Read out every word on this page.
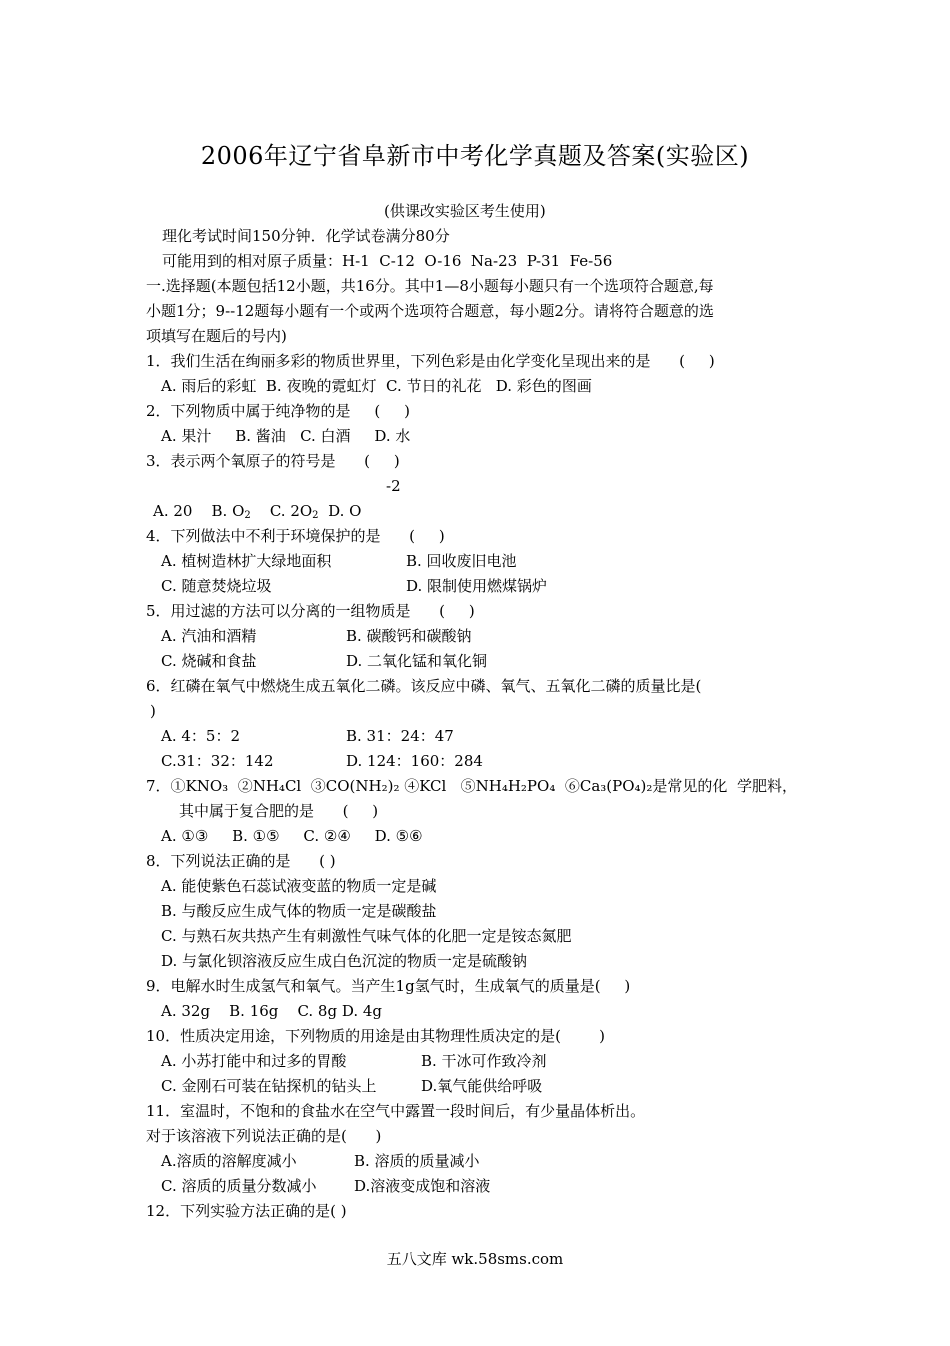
2006年辽宁省阜新市中考化学真题及答案(实验区)
(供课改实验区考生使用)
理化考试时间150分钟．化学试卷满分80分
可能用到的相对原子质量：H-1  C-12  O-16  Na-23  P-31  Fe-56
一.选择题(本题包括12小题，共16分。其中1—8小题每小题只有一个选项符合题意,每
小题1分；9--12题每小题有一个或两个选项符合题意，每小题2分。请将符合题意的选
项填写在题后的号内)
1．我们生活在绚丽多彩的物质世界里，下列色彩是由化学变化呈现出来的是      (     )
A. 雨后的彩虹  B. 夜晚的霓虹灯  C. 节日的礼花   D. 彩色的图画
2．下列物质中属于纯净物的是     (     )
A. 果汁     B. 酱油   C. 白酒     D. 水
3．表示两个氧原子的符号是      (     )
-2
A. 20    B. $O_2$    C. $2O_2$  D. O
4．下列做法中不利于环境保护的是      (     )
A. 植树造林扩大绿地面积	B. 回收废旧电池
C. 随意焚烧垃圾	D. 限制使用燃煤锅炉
5．用过滤的方法可以分离的一组物质是      (     )
A. 汽油和酒精	B. 碳酸钙和碳酸钠
C. 烧碱和食盐	D. 二氧化锰和氧化铜
6．红磷在氧气中燃烧生成五氧化二磷。该反应中磷、氧气、五氧化二磷的质量比是(
)
A. 4：5：2	B. 31：24：47
C.31：32：142	D. 124：160：284
7．①KNO₃  ②NH₄Cl  ③CO(NH₂)₂ ④KCl   ⑤NH₄H₂PO₄  ⑥Ca₃(PO₄)₂是常见的化  学肥料，
其中属于复合肥的是      (     )
A. ①③     B. ①⑤     C. ②④     D. ⑤⑥
8．下列说法正确的是      ( )
A. 能使紫色石蕊试液变蓝的物质一定是碱
B. 与酸反应生成气体的物质一定是碳酸盐
C. 与熟石灰共热产生有刺激性气味气体的化肥一定是铵态氮肥
D. 与氯化钡溶液反应生成白色沉淀的物质一定是硫酸钠
9．电解水时生成氢气和氧气。当产生1g氢气时，生成氧气的质量是(     )
A. 32g    B. 16g    C. 8g D. 4g
10．性质决定用途，下列物质的用途是由其物理性质决定的是(        )
A. 小苏打能中和过多的胃酸	B. 干冰可作致冷剂
C. 金刚石可装在钻探机的钻头上	D.氧气能供给呼吸
11．室温时，不饱和的食盐水在空气中露置一段时间后，有少量晶体析出。
对于该溶液下列说法正确的是(      )
A.溶质的溶解度减小	B. 溶质的质量减小
C. 溶质的质量分数减小	D.溶液变成饱和溶液
12．下列实验方法正确的是( )
五八文库 wk.58sms.com
